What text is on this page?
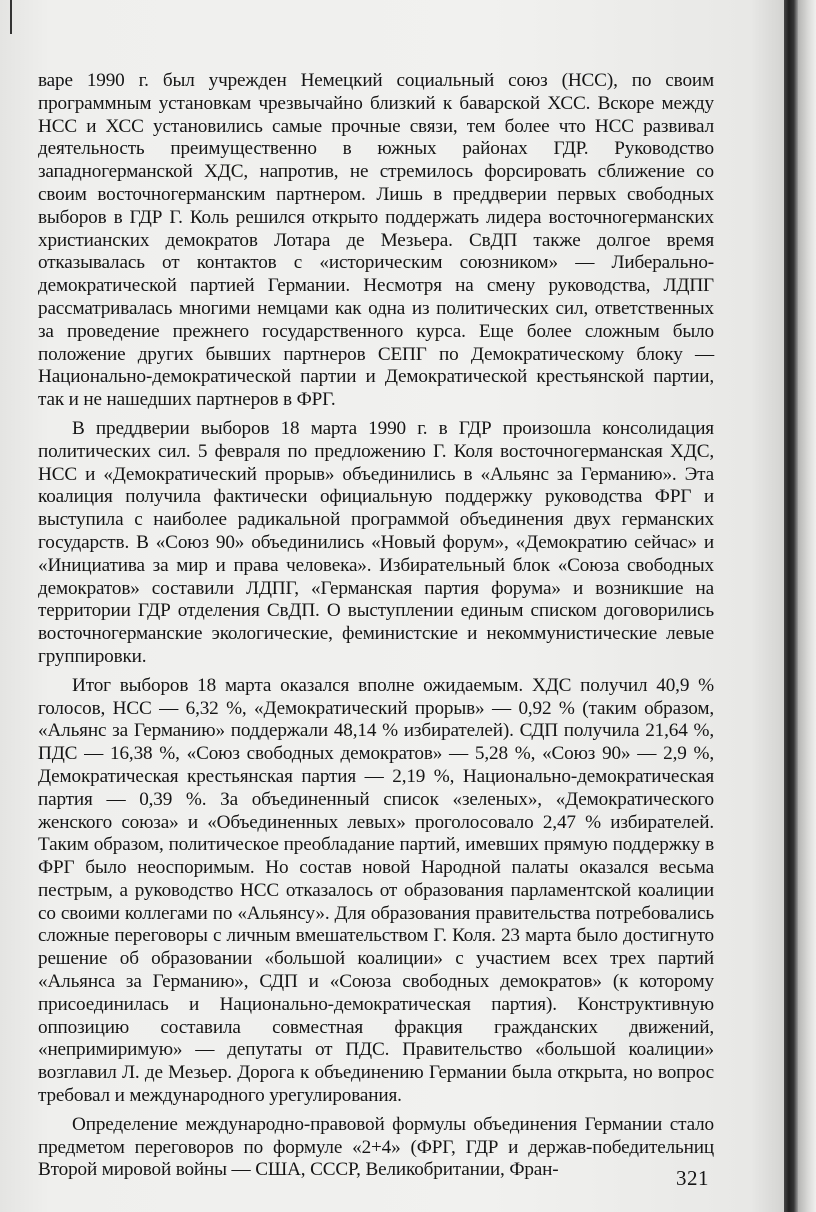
варе 1990 г. был учрежден Немецкий социальный союз (НСС), по своим программным установкам чрезвычайно близкий к баварской ХСС. Вскоре между НСС и ХСС установились самые прочные связи, тем более что НСС развивал деятельность преимущественно в южных районах ГДР. Руководство западногерманской ХДС, напротив, не стремилось форсировать сближение со своим восточногерманским партнером. Лишь в преддверии первых свободных выборов в ГДР Г. Коль решился открыто поддержать лидера восточногерманских христианских демократов Лотара де Мезьера. СвДП также долгое время отказывалась от контактов с «историческим союзником» — Либерально-демократической партией Германии. Несмотря на смену руководства, ЛДПГ рассматривалась многими немцами как одна из политических сил, ответственных за проведение прежнего государственного курса. Еще более сложным было положение других бывших партнеров СЕПГ по Демократическому блоку — Национально-демократической партии и Демократической крестьянской партии, так и не нашедших партнеров в ФРГ.

В преддверии выборов 18 марта 1990 г. в ГДР произошла консолидация политических сил. 5 февраля по предложению Г. Коля восточногерманская ХДС, НСС и «Демократический прорыв» объединились в «Альянс за Германию». Эта коалиция получила фактически официальную поддержку руководства ФРГ и выступила с наиболее радикальной программой объединения двух германских государств. В «Союз 90» объединились «Новый форум», «Демократию сейчас» и «Инициатива за мир и права человека». Избирательный блок «Союза свободных демократов» составили ЛДПГ, «Германская партия форума» и возникшие на территории ГДР отделения СвДП. О выступлении единым списком договорились восточногерманские экологические, феминистские и некоммунистические левые группировки.

Итог выборов 18 марта оказался вполне ожидаемым. ХДС получил 40,9 % голосов, НСС — 6,32 %, «Демократический прорыв» — 0,92 % (таким образом, «Альянс за Германию» поддержали 48,14 % избирателей). СДП получила 21,64 %, ПДС — 16,38 %, «Союз свободных демократов» — 5,28 %, «Союз 90» — 2,9 %, Демократическая крестьянская партия — 2,19 %, Национально-демократическая партия — 0,39 %. За объединенный список «зеленых», «Демократического женского союза» и «Объединенных левых» проголосовало 2,47 % избирателей. Таким образом, политическое преобладание партий, имевших прямую поддержку в ФРГ было неоспоримым. Но состав новой Народной палаты оказался весьма пестрым, а руководство НСС отказалось от образования парламентской коалиции со своими коллегами по «Альянсу». Для образования правительства потребовались сложные переговоры с личным вмешательством Г. Коля. 23 марта было достигнуто решение об образовании «большой коалиции» с участием всех трех партий «Альянса за Германию», СДП и «Союза свободных демократов» (к которому присоединилась и Национально-демократическая партия). Конструктивную оппозицию составила совместная фракция гражданских движений, «непримиримую» — депутаты от ПДС. Правительство «большой коалиции» возглавил Л. де Мезьер. Дорога к объединению Германии была открыта, но вопрос требовал и международного урегулирования.

Определение международно-правовой формулы объединения Германии стало предметом переговоров по формуле «2+4» (ФРГ, ГДР и держав-победительниц Второй мировой войны — США, СССР, Великобритании, Фран-	321
